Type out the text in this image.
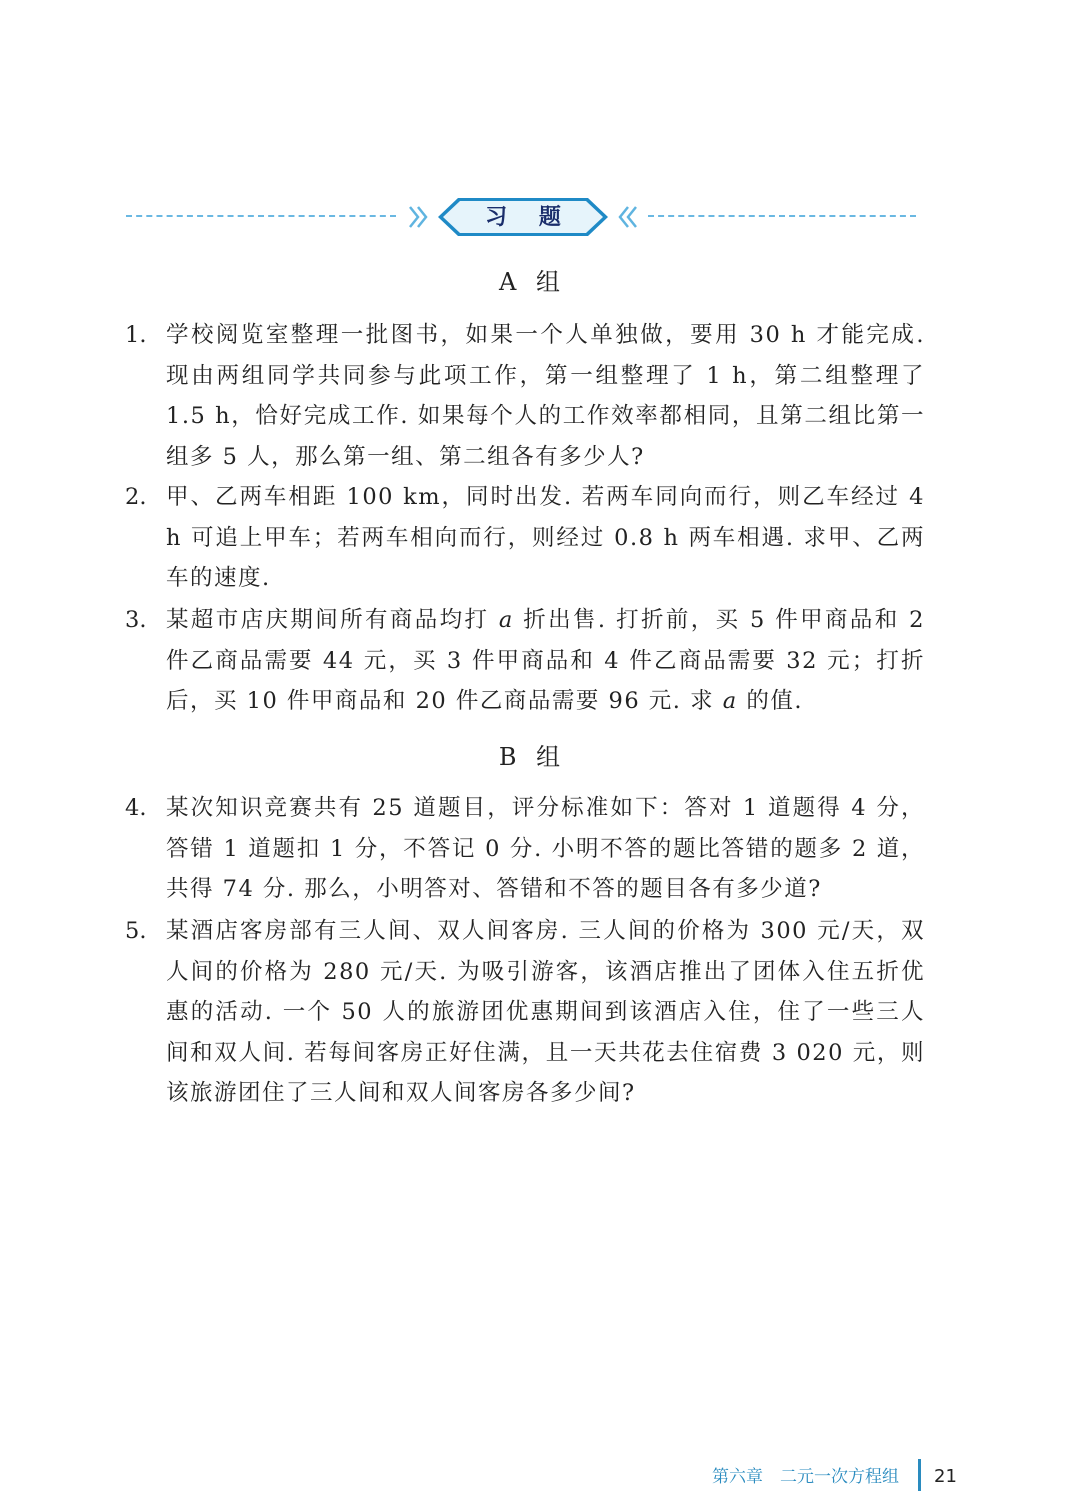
习 题
A 组
1. 学校阅览室整理一批图书，如果一个人单独做，要用 30 h 才能完成. 现由两组同学共同参与此项工作，第一组整理了 1 h，第二组整理了 1.5 h，恰好完成工作. 如果每个人的工作效率都相同，且第二组比第一组多 5 人，那么第一组、第二组各有多少人?
2. 甲、乙两车相距 100 km，同时出发. 若两车同向而行，则乙车经过 4 h 可追上甲车；若两车相向而行，则经过 0.8 h 两车相遇. 求甲、乙两车的速度.
3. 某超市店庆期间所有商品均打 a 折出售. 打折前，买 5 件甲商品和 2 件乙商品需要 44 元，买 3 件甲商品和 4 件乙商品需要 32 元；打折后，买 10 件甲商品和 20 件乙商品需要 96 元. 求 a 的值.
B 组
4. 某次知识竞赛共有 25 道题目，评分标准如下：答对 1 道题得 4 分，答错 1 道题扣 1 分，不答记 0 分. 小明不答的题比答错的题多 2 道，共得 74 分. 那么，小明答对、答错和不答的题目各有多少道?
5. 某酒店客房部有三人间、双人间客房. 三人间的价格为 300 元/天，双人间的价格为 280 元/天. 为吸引游客，该酒店推出了团体入住五折优惠的活动. 一个 50 人的旅游团优惠期间到该酒店入住，住了一些三人间和双人间. 若每间客房正好住满，且一天共花去住宿费 3 020 元，则该旅游团住了三人间和双人间客房各多少间?
第六章　二元一次方程组 21
